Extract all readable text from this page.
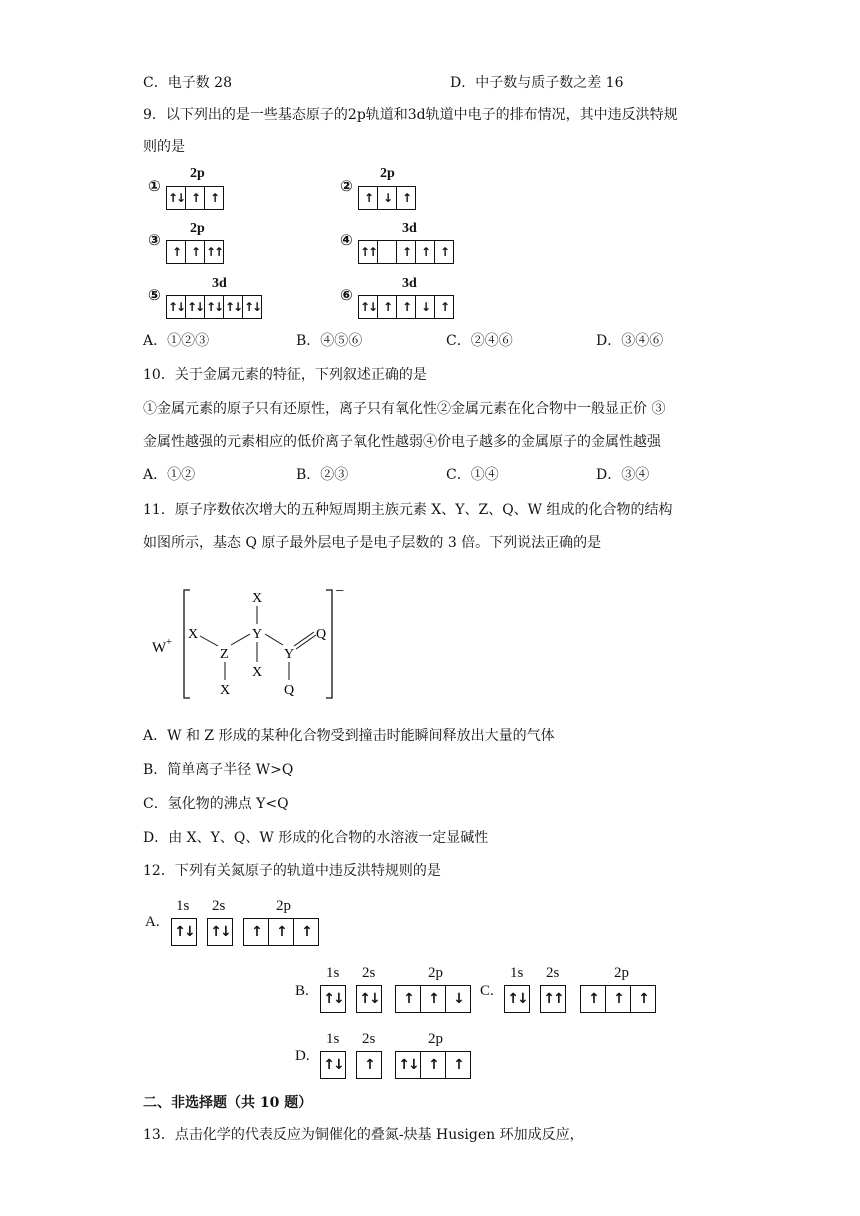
C．电子数 28	D．中子数与质子数之差 16
9．以下列出的是一些基态原子的2p轨道和3d轨道中电子的排布情况，其中违反洪特规
则的是
①
2p
↑↓ ↑ ↑
②
2p
↑ ↓ ↑
③
2p
↑ ↑ ↑↑
④
3d
↑↑	↑ ↑ ↑
⑤
3d
↑↓ ↑↓ ↑↓ ↑↓ ↑↓
⑥
3d
↑↓ ↑ ↑ ↓ ↑
A．①②③	B．④⑤⑥	C．②④⑥	D．③④⑥
10．关于金属元素的特征，下列叙述正确的是
①金属元素的原子只有还原性，离子只有氧化性②金属元素在化合物中一般显正价 ③
金属性越强的元素相应的低价离子氧化性越弱④价电子越多的金属原子的金属性越强
A．①②	B．②③	C．①④	D．③④
11．原子序数依次增大的五种短周期主族元素 X、Y、Z、Q、W 组成的化合物的结构
如图所示，基态 Q 原子最外层电子是电子层数的 3 倍。下列说法正确的是
W+
−
X
X	Y
Z
X
X
Y
Q
Q
A．W 和 Z 形成的某种化合物受到撞击时能瞬间释放出大量的气体
B．简单离子半径 W>Q
C．氢化物的沸点 Y<Q
D．由 X、Y、Q、W 形成的化合物的水溶液一定显碱性
12．下列有关氮原子的轨道中违反洪特规则的是
A.
1s 2s	2p
↑↓ ↑↓	↑	↑	↑
B.
1s 2s	2p
↑↓ ↑↓	↑	↑	↓	C.
1s 2s	2p
↑↓ ↑↑	↑	↑	↑
D.
1s 2s	2p
↑↓	↑	↑↓ ↑	↑
二、非选择题（共 10 题）
13．点击化学的代表反应为铜催化的叠氮-炔基 Husigen 环加成反应，
